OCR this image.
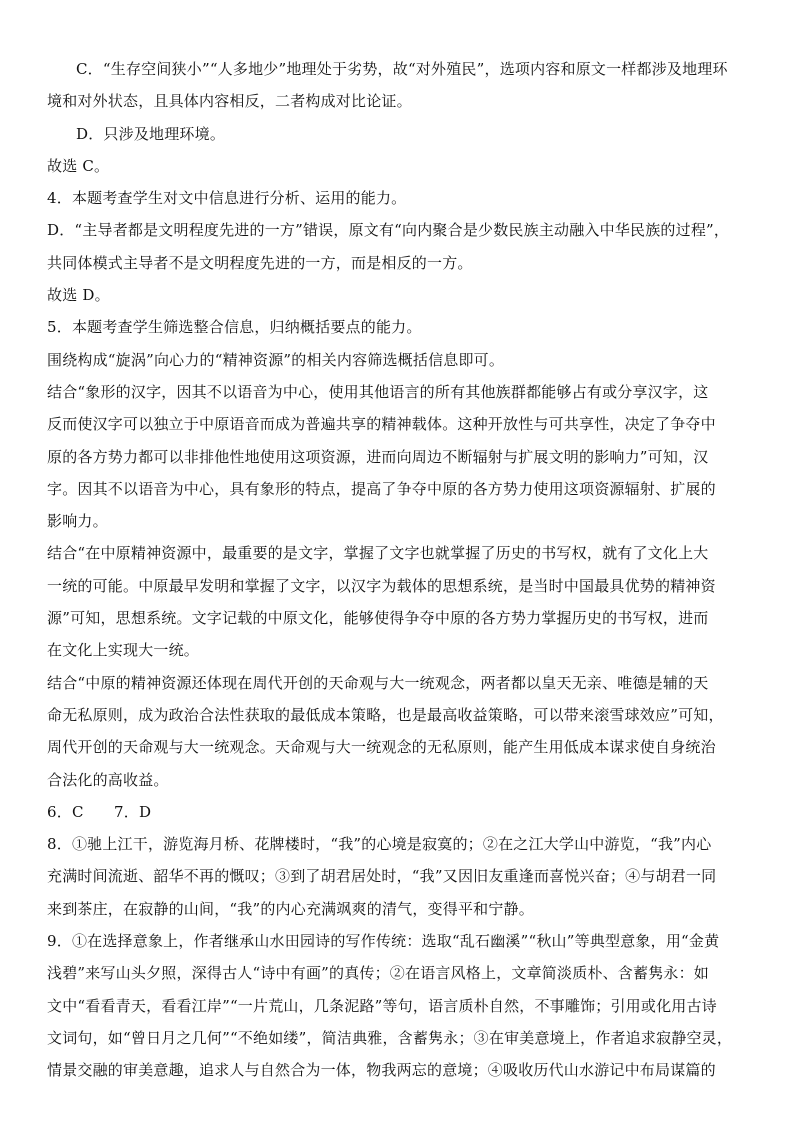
C．“生存空间狭小”“人多地少”地理处于劣势，故“对外殖民”，选项内容和原文一样都涉及地理环
境和对外状态，且具体内容相反，二者构成对比论证。
D．只涉及地理环境。
故选 C。
4．本题考查学生对文中信息进行分析、运用的能力。
D．“主导者都是文明程度先进的一方”错误，原文有“向内聚合是少数民族主动融入中华民族的过程”，
共同体模式主导者不是文明程度先进的一方，而是相反的一方。
故选 D。
5．本题考查学生筛选整合信息，归纳概括要点的能力。
围绕构成“旋涡”向心力的“精神资源”的相关内容筛选概括信息即可。
结合“象形的汉字，因其不以语音为中心，使用其他语言的所有其他族群都能够占有或分享汉字，这
反而使汉字可以独立于中原语音而成为普遍共享的精神载体。这种开放性与可共享性，决定了争夺中
原的各方势力都可以非排他性地使用这项资源，进而向周边不断辐射与扩展文明的影响力”可知，汉
字。因其不以语音为中心，具有象形的特点，提高了争夺中原的各方势力使用这项资源辐射、扩展的
影响力。
结合“在中原精神资源中，最重要的是文字，掌握了文字也就掌握了历史的书写权，就有了文化上大
一统的可能。中原最早发明和掌握了文字，以汉字为载体的思想系统，是当时中国最具优势的精神资
源”可知，思想系统。文字记载的中原文化，能够使得争夺中原的各方势力掌握历史的书写权，进而
在文化上实现大一统。
结合“中原的精神资源还体现在周代开创的天命观与大一统观念，两者都以皇天无亲、唯德是辅的天
命无私原则，成为政治合法性获取的最低成本策略，也是最高收益策略，可以带来滚雪球效应”可知，
周代开创的天命观与大一统观念。天命观与大一统观念的无私原则，能产生用低成本谋求使自身统治
合法化的高收益。
6．C　　7．D
8．①驰上江干，游览海月桥、花牌楼时，“我”的心境是寂寞的；②在之江大学山中游览，“我”内心
充满时间流逝、韶华不再的慨叹；③到了胡君居处时，“我”又因旧友重逢而喜悦兴奋；④与胡君一同
来到茶庄，在寂静的山间，“我”的内心充满飒爽的清气，变得平和宁静。
9．①在选择意象上，作者继承山水田园诗的写作传统：选取“乱石幽溪”“秋山”等典型意象，用“金黄
浅碧”来写山头夕照，深得古人“诗中有画”的真传；②在语言风格上，文章简淡质朴、含蓄隽永：如
文中“看看青天，看看江岸”“一片荒山，几条泥路”等句，语言质朴自然，不事雕饰；引用或化用古诗
文词句，如“曾日月之几何”“不绝如缕”，简洁典雅，含蓄隽永；③在审美意境上，作者追求寂静空灵，
情景交融的审美意趣，追求人与自然合为一体，物我两忘的意境；④吸收历代山水游记中布局谋篇的
